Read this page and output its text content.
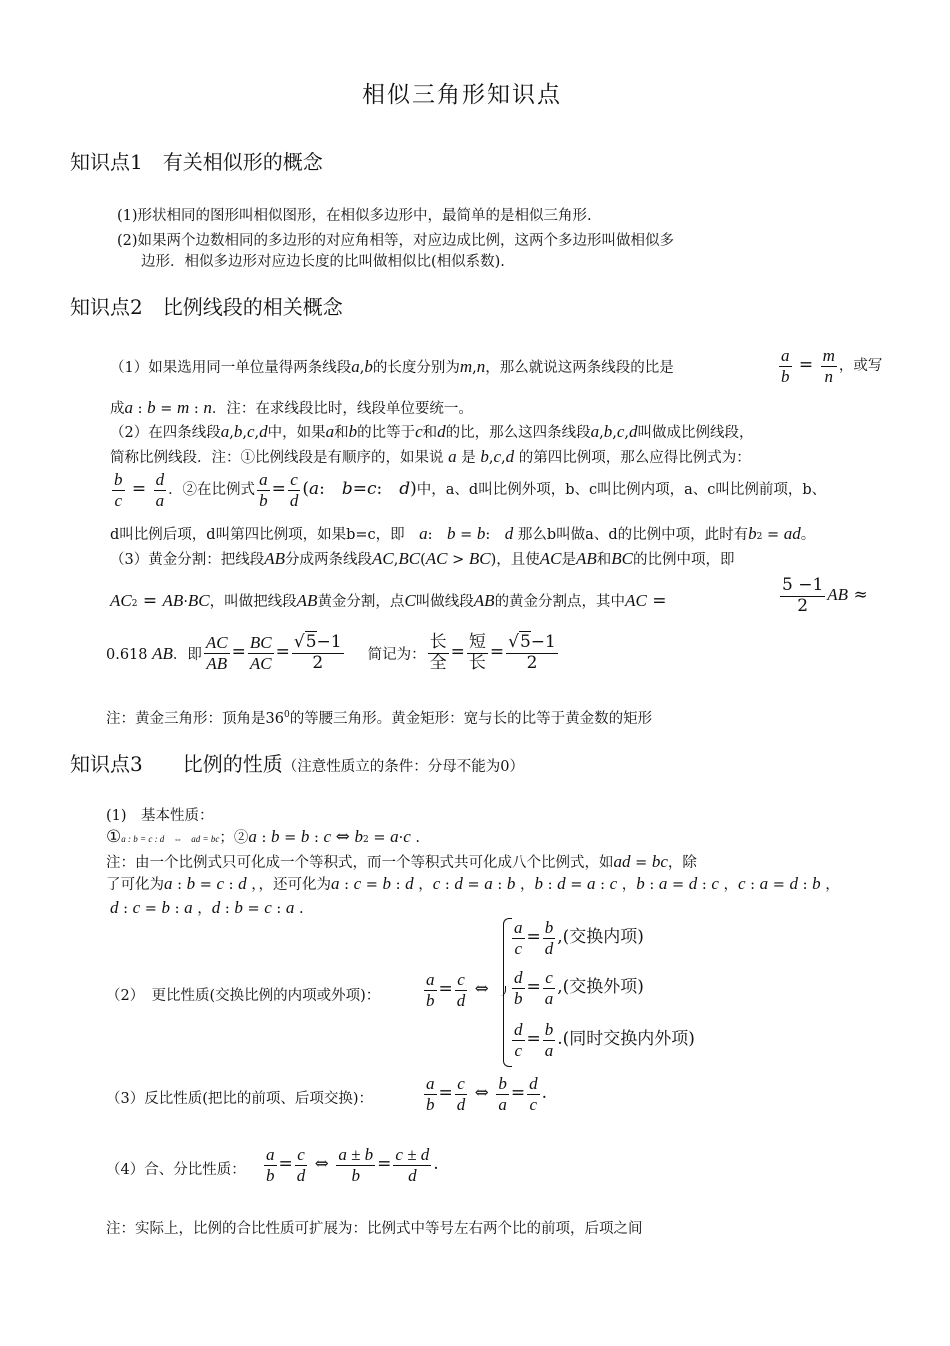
相似三角形知识点
知识点1　有关相似形的概念
(1)形状相同的图形叫相似图形，在相似多边形中，最简单的是相似三角形.
(2)如果两个边数相同的多边形的对应角相等，对应边成比例，这两个多边形叫做相似多
边形．相似多边形对应边长度的比叫做相似比(相似系数).
知识点2　比例线段的相关概念
（1）如果选用同一单位量得两条线段a,b的长度分别为m,n，那么就说这两条线段的比是	$\frac{a}{b} = \frac{m}{n}$ ，或写
成a : b = m : n．注：在求线段比时，线段单位要统一。
（2）在四条线段a,b,c,d中，如果a和b的比等于c和d的比，那么这四条线段a,b,c,d叫做成比例线段，
简称比例线段．注：①比例线段是有顺序的，如果说 a 是 b,c,d 的第四比例项，那么应得比例式为：
$\frac{b}{c} = \frac{d}{a}$ ．②在比例式 $\frac{a}{b} = \frac{c}{d} (a$:　b=c:　d)中，a、d叫比例外项，b、c叫比例内项，a、c叫比例前项，b、
d叫比例后项，d叫第四比例项，如果b=c，即　 a:　b = b:　d 那么b叫做a、d的比例中项，此时有b2 = ad。
（3）黄金分割：把线段AB分成两条线段AC,BC(AC > BC)，且使AC是AB和BC的比例中项，即
AC2 = AB·BC，叫做把线段AB黄金分割，点C叫做线段AB的黄金分割点，其中AC =	$\frac{5 -1}{2}$ AB ≈
0.618 AB．即 $\frac{AC}{AB} = \frac{BC}{AC} = \frac{√5-1}{2}$ 简记为： $\frac{\text{长}}{\text{全}} = \frac{\text{短}}{\text{长}} = \frac{√5-1}{2}$
注：黄金三角形：顶角是$36^0$的等腰三角形。黄金矩形：宽与长的比等于黄金数的矩形
知识点3　　比例的性质（注意性质立的条件：分母不能为0）
(1)　基本性质：
①a : b = c : d　⇔　ad = bc；②a : b = b : c ⇔ b2 = a·c .
注：由一个比例式只可化成一个等积式，而一个等积式共可化成八个比例式，如ad = bc，除
了可化为a : b = c : d ，，还可化为a : c = b : d ，c : d = a : b ，b : d = a : c ，b : a = d : c ，c : a = d : b ，
d : c = b : a ，d : b = c : a .
（2）　更比性质(交换比例的内项或外项)：	$\frac{a}{b} = \frac{c}{d}$ ⇔
$\frac{a}{c} = \frac{b}{d}$ ,(交换内项)
$\frac{d}{b} = \frac{c}{a}$ ,(交换外项)
$\frac{d}{c} = \frac{b}{a}$ .(同时交换内外项)
（3）反比性质(把比的前项、后项交换)：	$\frac{a}{b} = \frac{c}{d}$ ⇔ $\frac{b}{a} = \frac{d}{c}$ .
（4）合、分比性质： $\frac{a}{b} = \frac{c}{d}$ ⇔ $\frac{a \pm b}{b} = \frac{c \pm d}{d}$ .
注：实际上，比例的合比性质可扩展为：比例式中等号左右两个比的前项，后项之间
